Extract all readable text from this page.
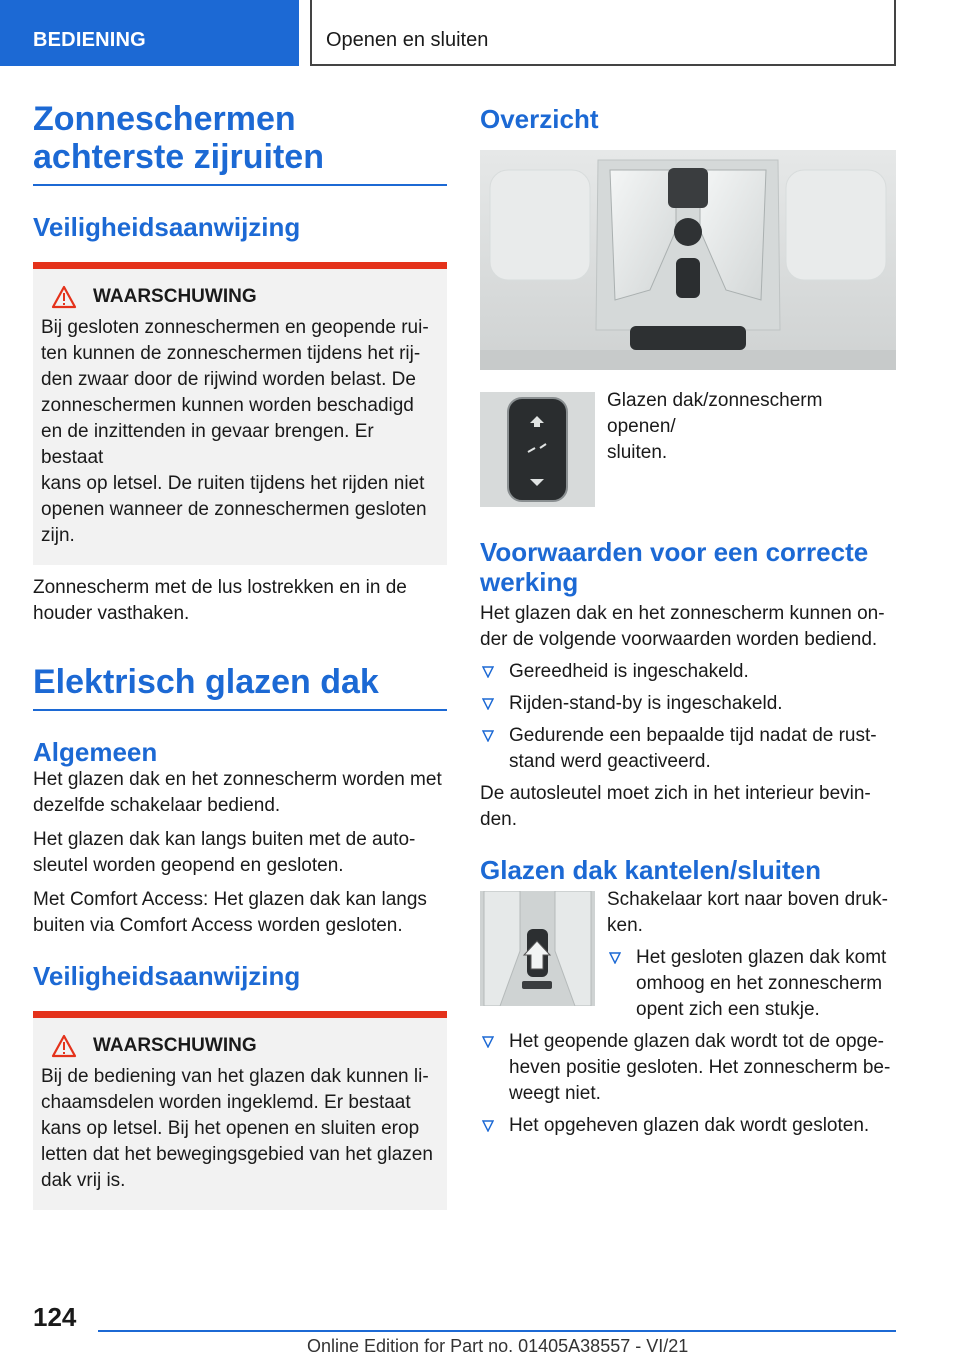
BEDIENING	Openen en sluiten
Zonneschermen achterste zijruiten
Veiligheidsaanwijzing
WAARSCHUWING
Bij gesloten zonneschermen en geopende rui-
ten kunnen de zonneschermen tijdens het rij-
den zwaar door de rijwind worden belast. De
zonneschermen kunnen worden beschadigd
en de inzittenden in gevaar brengen. Er bestaat
kans op letsel. De ruiten tijdens het rijden niet
openen wanneer de zonneschermen gesloten
zijn.
Zonnescherm met de lus lostrekken en in de
houder vasthaken.
Elektrisch glazen dak
Algemeen
Het glazen dak en het zonnescherm worden met
dezelfde schakelaar bediend.
Het glazen dak kan langs buiten met de auto-
sleutel worden geopend en gesloten.
Met Comfort Access: Het glazen dak kan langs
buiten via Comfort Access worden gesloten.
Veiligheidsaanwijzing
WAARSCHUWING
Bij de bediening van het glazen dak kunnen li-
chaamsdelen worden ingeklemd. Er bestaat
kans op letsel. Bij het openen en sluiten erop
letten dat het bewegingsgebied van het glazen
dak vrij is.
Overzicht
Glazen dak/zonnescherm openen/
sluiten.
Voorwaarden voor een correcte
werking
Het glazen dak en het zonnescherm kunnen on-
der de volgende voorwaarden worden bediend.
Gereedheid is ingeschakeld.
Rijden-stand-by is ingeschakeld.
Gedurende een bepaalde tijd nadat de rust-
stand werd geactiveerd.
De autosleutel moet zich in het interieur bevin-
den.
Glazen dak kantelen/sluiten
Schakelaar kort naar boven druk-
ken.
Het gesloten glazen dak komt
omhoog en het zonnescherm
opent zich een stukje.
Het geopende glazen dak wordt tot de opge-
heven positie gesloten. Het zonnescherm be-
weegt niet.
Het opgeheven glazen dak wordt gesloten.
124
Online Edition for Part no. 01405A38557 - VI/21
